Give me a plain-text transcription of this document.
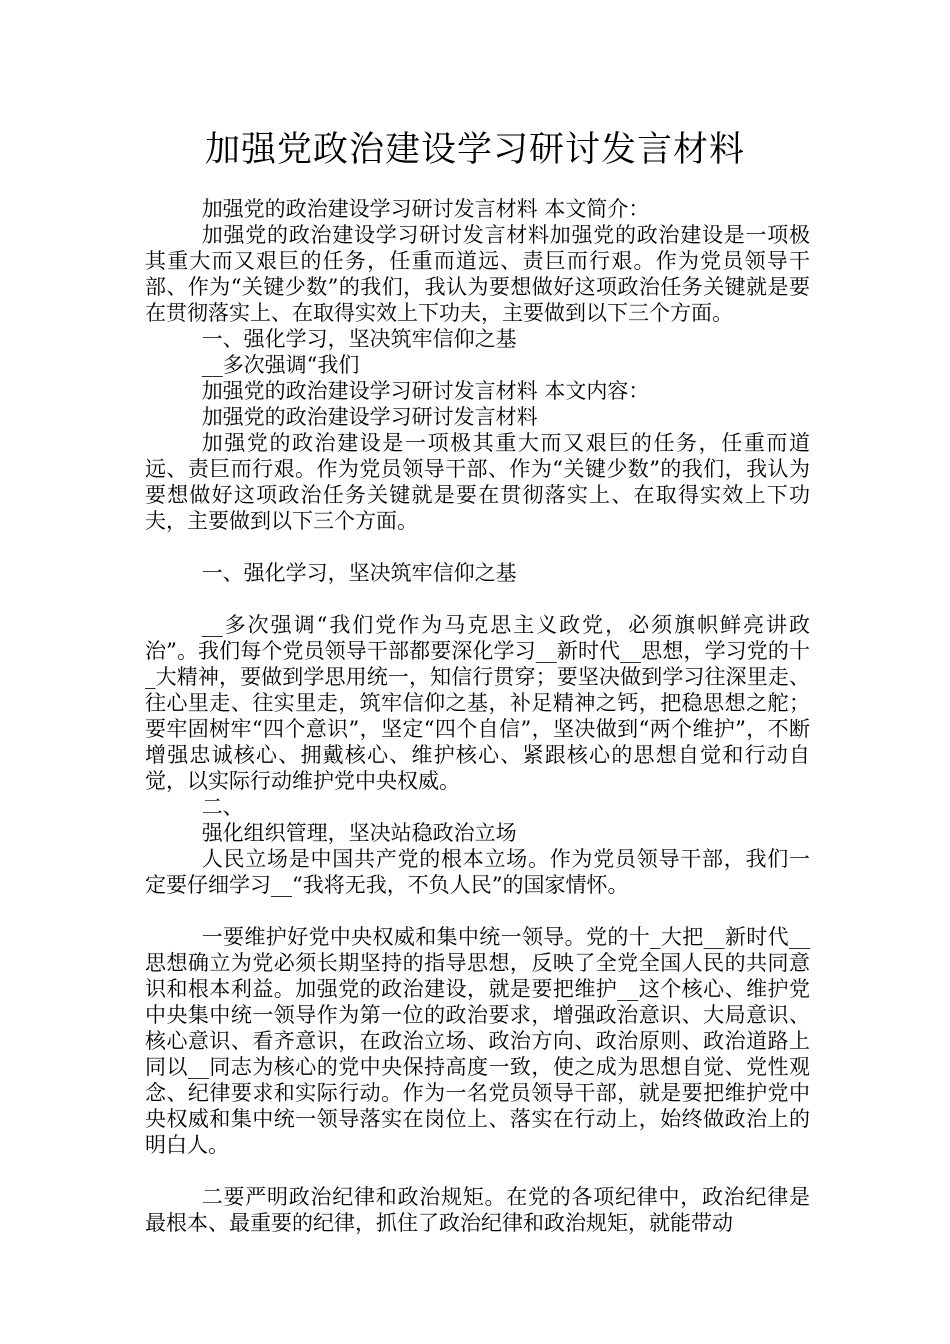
加强党政治建设学习研讨发言材料

加强党的政治建设学习研讨发言材料 本文简介：

加强党的政治建设学习研讨发言材料加强党的政治建设是一项极其重大而又艰巨的任务，任重而道远、责巨而行艰。作为党员领导干部、作为“关键少数”的我们，我认为要想做好这项政治任务关键就是要在贯彻落实上、在取得实效上下功夫，主要做到以下三个方面。

一、强化学习，坚决筑牢信仰之基

__多次强调“我们

加强党的政治建设学习研讨发言材料 本文内容：

加强党的政治建设学习研讨发言材料

加强党的政治建设是一项极其重大而又艰巨的任务，任重而道远、责巨而行艰。作为党员领导干部、作为“关键少数”的我们，我认为要想做好这项政治任务关键就是要在贯彻落实上、在取得实效上下功夫，主要做到以下三个方面。

一、强化学习，坚决筑牢信仰之基

__多次强调“我们党作为马克思主义政党，必须旗帜鲜亮讲政治”。我们每个党员领导干部都要深化学习__新时代__思想，学习党的十_大精神，要做到学思用统一，知信行贯穿；要坚决做到学习往深里走、往心里走、往实里走，筑牢信仰之基，补足精神之钙，把稳思想之舵；要牢固树牢“四个意识”，坚定“四个自信”，坚决做到“两个维护”，不断增强忠诚核心、拥戴核心、维护核心、紧跟核心的思想自觉和行动自觉，以实际行动维护党中央权威。

二、

强化组织管理，坚决站稳政治立场

人民立场是中国共产党的根本立场。作为党员领导干部，我们一定要仔细学习__“我将无我，不负人民”的国家情怀。

一要维护好党中央权威和集中统一领导。党的十_大把__新时代__思想确立为党必须长期坚持的指导思想，反映了全党全国人民的共同意识和根本利益。加强党的政治建设，就是要把维护__这个核心、维护党中央集中统一领导作为第一位的政治要求，增强政治意识、大局意识、核心意识、看齐意识，在政治立场、政治方向、政治原则、政治道路上同以__同志为核心的党中央保持高度一致，使之成为思想自觉、党性观念、纪律要求和实际行动。作为一名党员领导干部，就是要把维护党中央权威和集中统一领导落实在岗位上、落实在行动上，始终做政治上的明白人。

二要严明政治纪律和政治规矩。在党的各项纪律中，政治纪律是最根本、最重要的纪律，抓住了政治纪律和政治规矩，就能带动
